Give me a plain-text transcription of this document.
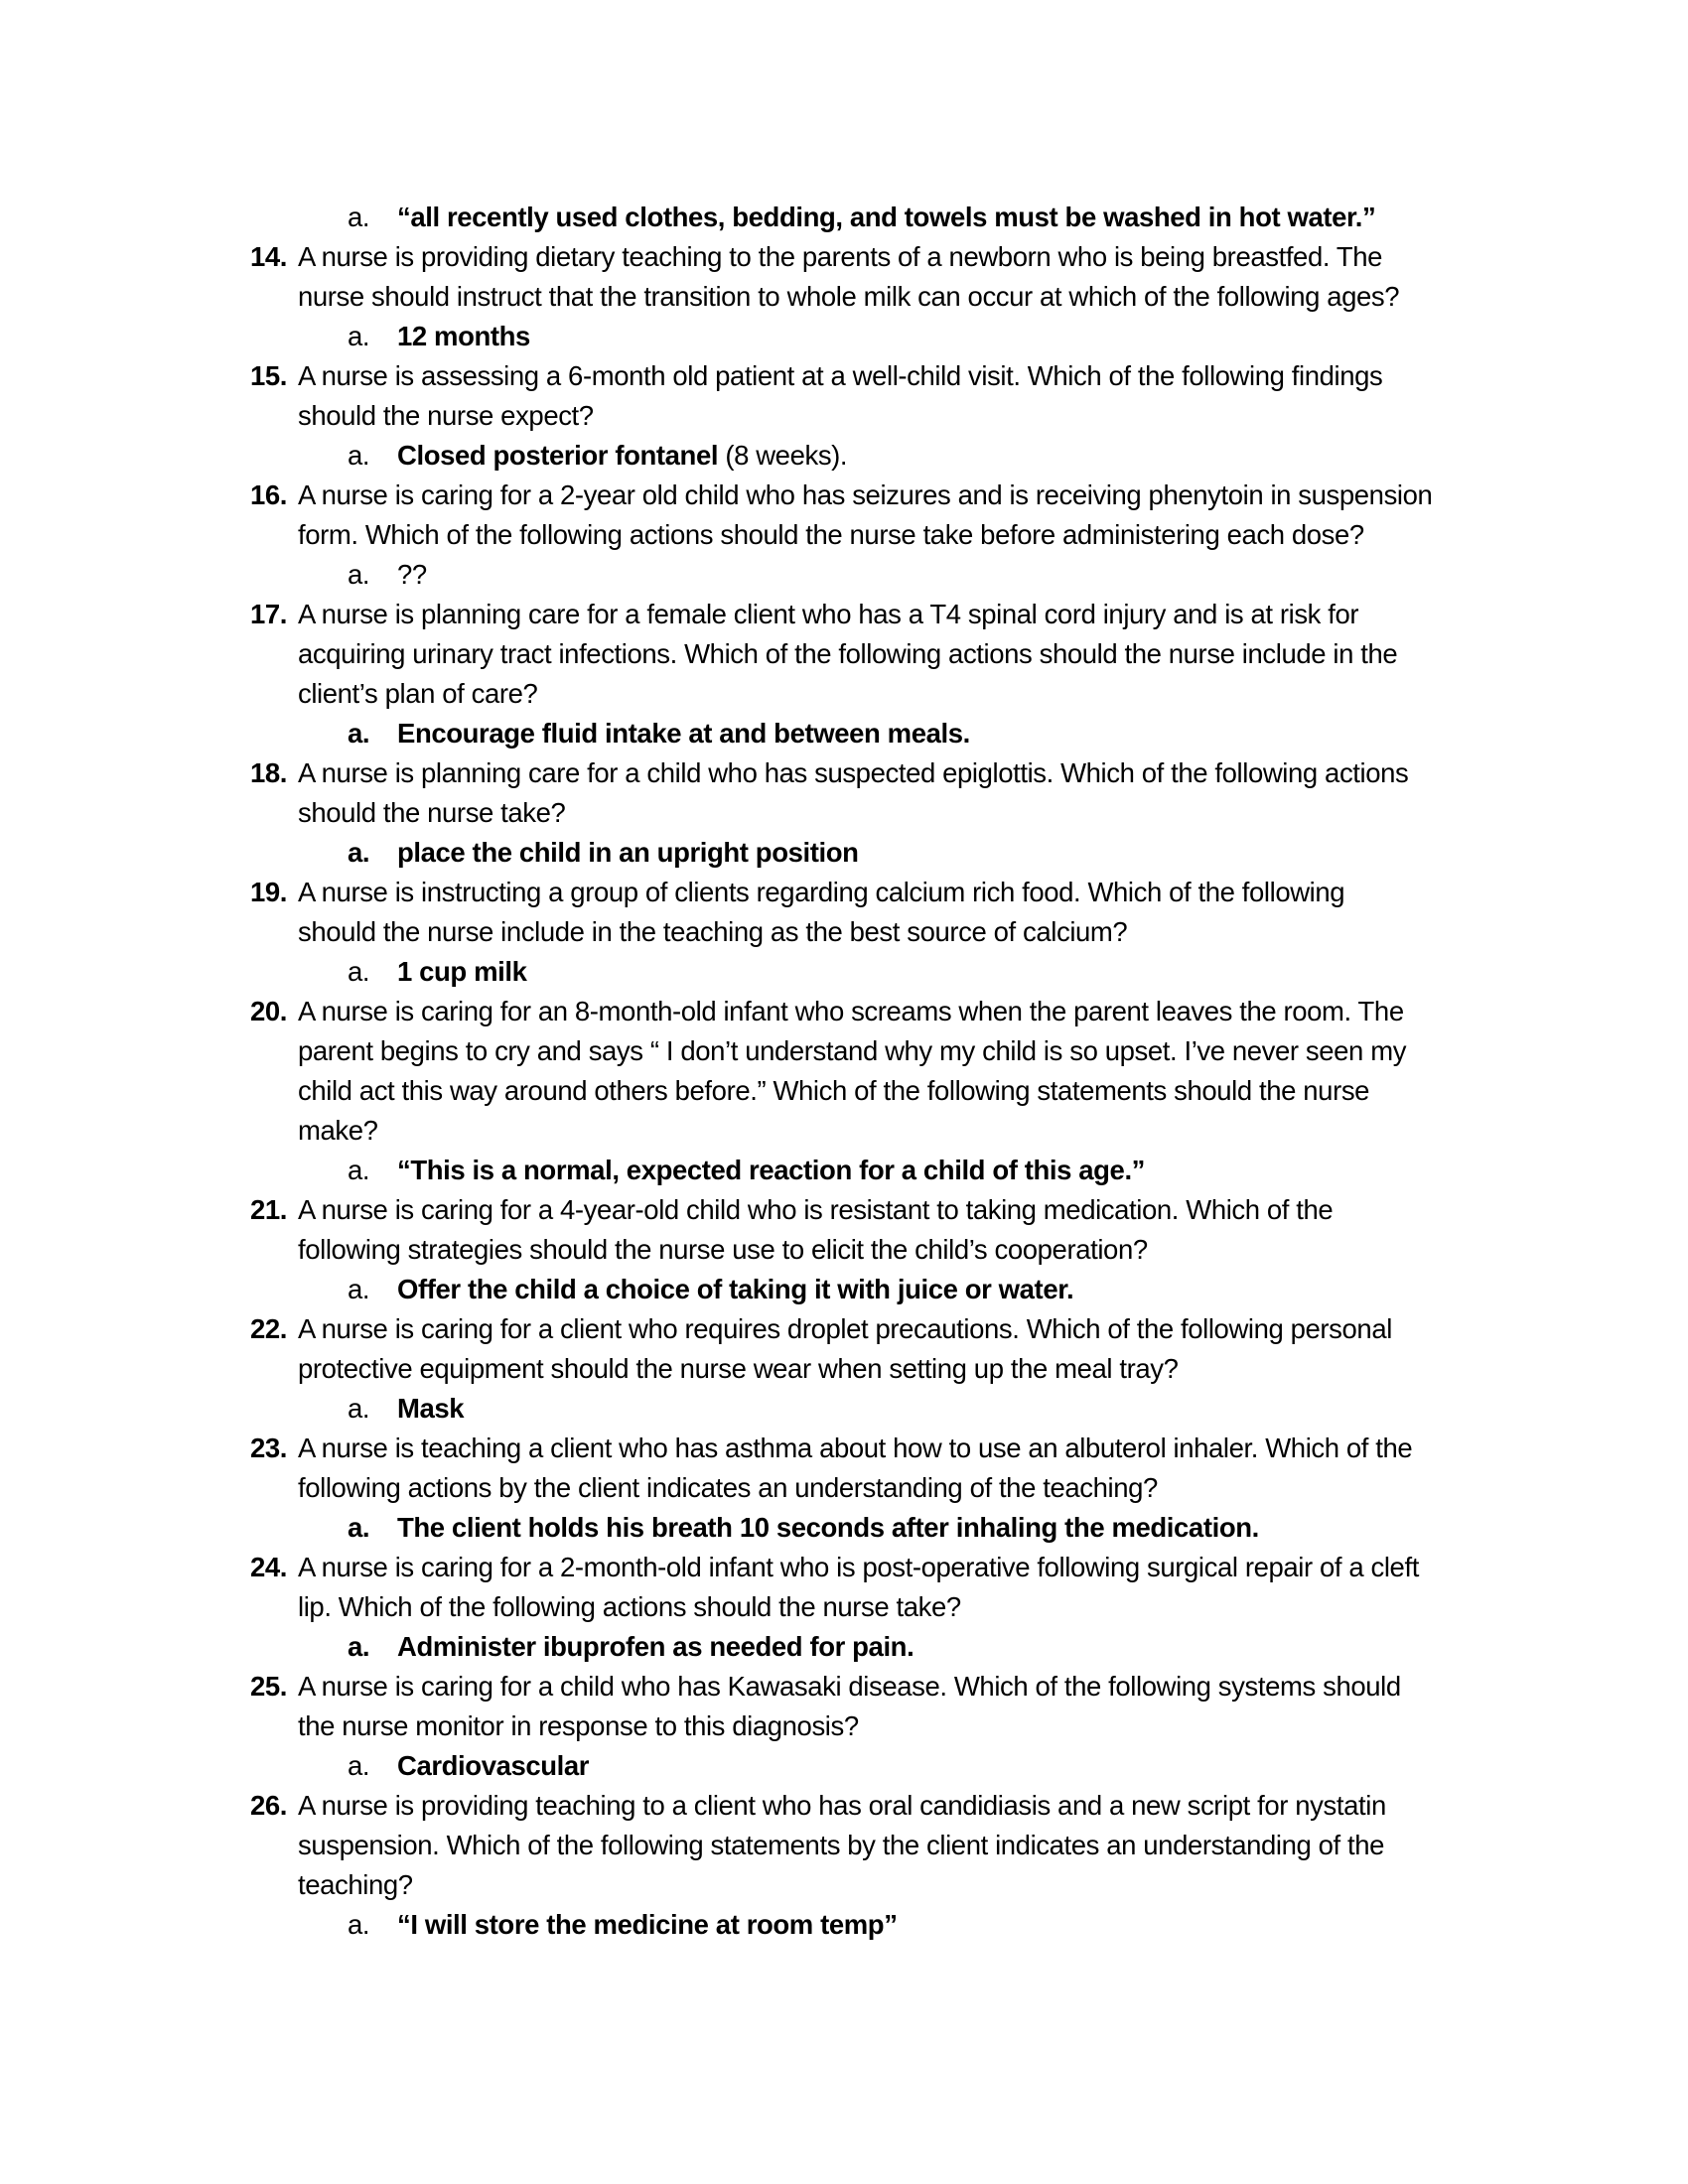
a. “all recently used clothes, bedding, and towels must be washed in hot water.”
14. A nurse is providing dietary teaching to the parents of a newborn who is being breastfed. The
nurse should instruct that the transition to whole milk can occur at which of the following ages?
a. 12 months
15. A nurse is assessing a 6-month old patient at a well-child visit. Which of the following findings
should the nurse expect?
a. Closed posterior fontanel (8 weeks).
16. A nurse is caring for a 2-year old child who has seizures and is receiving phenytoin in suspension
form. Which of the following actions should the nurse take before administering each dose?
a. ??
17. A nurse is planning care for a female client who has a T4 spinal cord injury and is at risk for
acquiring urinary tract infections. Which of the following actions should the nurse include in the
client’s plan of care?
a. Encourage fluid intake at and between meals.
18. A nurse is planning care for a child who has suspected epiglottis. Which of the following actions
should the nurse take?
a. place the child in an upright position
19. A nurse is instructing a group of clients regarding calcium rich food. Which of the following
should the nurse include in the teaching as the best source of calcium?
a. 1 cup milk
20. A nurse is caring for an 8-month-old infant who screams when the parent leaves the room. The
parent begins to cry and says “ I don’t understand why my child is so upset. I’ve never seen my
child act this way around others before.” Which of the following statements should the nurse
make?
a. “This is a normal, expected reaction for a child of this age.”
21. A nurse is caring for a 4-year-old child who is resistant to taking medication. Which of the
following strategies should the nurse use to elicit the child’s cooperation?
a. Offer the child a choice of taking it with juice or water.
22. A nurse is caring for a client who requires droplet precautions. Which of the following personal
protective equipment should the nurse wear when setting up the meal tray?
a. Mask
23. A nurse is teaching a client who has asthma about how to use an albuterol inhaler. Which of the
following actions by the client indicates an understanding of the teaching?
a. The client holds his breath 10 seconds after inhaling the medication.
24. A nurse is caring for a 2-month-old infant who is post-operative following surgical repair of a cleft
lip. Which of the following actions should the nurse take?
a. Administer ibuprofen as needed for pain.
25. A nurse is caring for a child who has Kawasaki disease. Which of the following systems should
the nurse monitor in response to this diagnosis?
a. Cardiovascular
26. A nurse is providing teaching to a client who has oral candidiasis and a new script for nystatin
suspension. Which of the following statements by the client indicates an understanding of the
teaching?
a. “I will store the medicine at room temp”
